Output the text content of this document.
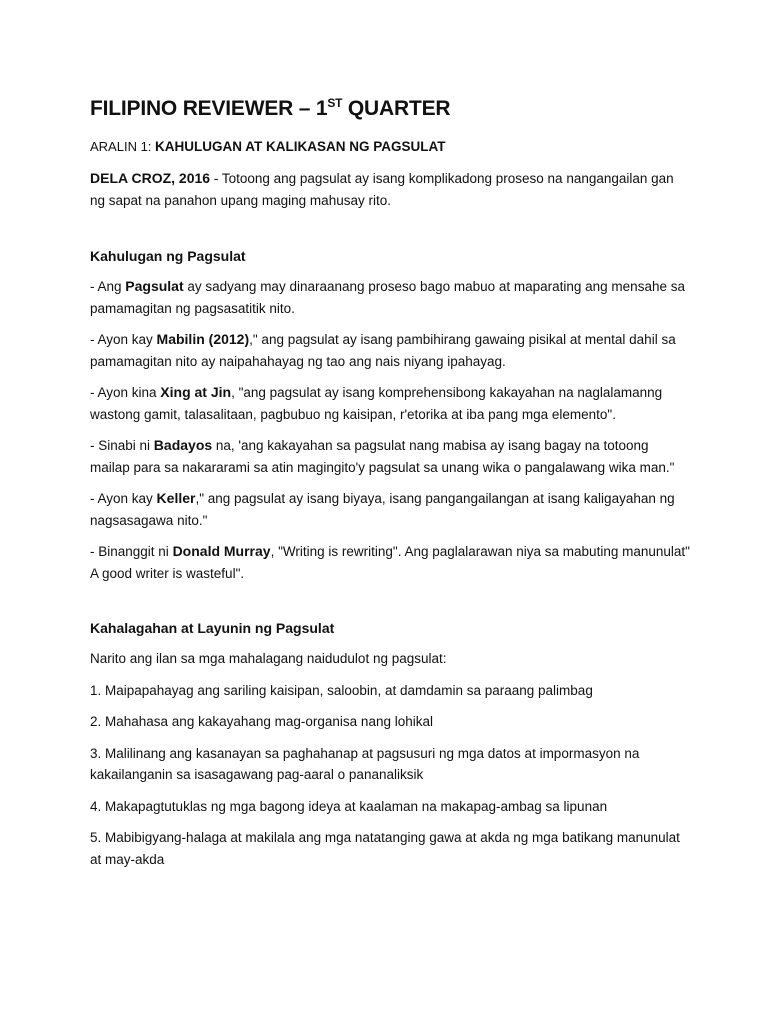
FILIPINO REVIEWER – 1ST QUARTER
ARALIN 1: KAHULUGAN AT KALIKASAN NG PAGSULAT

DELA CROZ, 2016 - Totoong ang pagsulat ay isang komplikadong proseso na nangangailan gan ng sapat na panahon upang maging mahusay rito.

Kahulugan ng Pagsulat

- Ang Pagsulat ay sadyang may dinaraanang proseso bago mabuo at maparating ang mensahe sa pamamagitan ng pagsasatitik nito.

- Ayon kay Mabilin (2012)," ang pagsulat ay isang pambihirang gawaing pisikal at mental dahil sa pamamagitan nito ay naipahahayag ng tao ang nais niyang ipahayag.

- Ayon kina Xing at Jin, "ang pagsulat ay isang komprehensibong kakayahan na naglalamanng wastong gamit, talasalitaan, pagbubuo ng kaisipan, r'etorika at iba pang mga elemento".

- Sinabi ni Badayos na, 'ang kakayahan sa pagsulat nang mabisa ay isang bagay na totoong mailap para sa nakararami sa atin magingito'y pagsulat sa unang wika o pangalawang wika man."

- Ayon kay Keller," ang pagsulat ay isang biyaya, isang pangangailangan at isang kaligayahan ng nagsasagawa nito."

- Binanggit ni Donald Murray, "Writing is rewriting". Ang paglalarawan niya sa mabuting manunulat" A good writer is wasteful".

Kahalagahan at Layunin ng Pagsulat

Narito ang ilan sa mga mahalagang naidudulot ng pagsulat:

1. Maipapahayag ang sariling kaisipan, saloobin, at damdamin sa paraang palimbag

2. Mahahasa ang kakayahang mag-organisa nang lohikal

3. Malilinang ang kasanayan sa paghahanap at pagsusuri ng mga datos at impormasyon na kakailanganin sa isasagawang pag-aaral o pananaliksik

4. Makapagtutuklas ng mga bagong ideya at kaalaman na makapag-ambag sa lipunan

5. Mabibigyang-halaga at makilala ang mga natatanging gawa at akda ng mga batikang manunulat at may-akda
